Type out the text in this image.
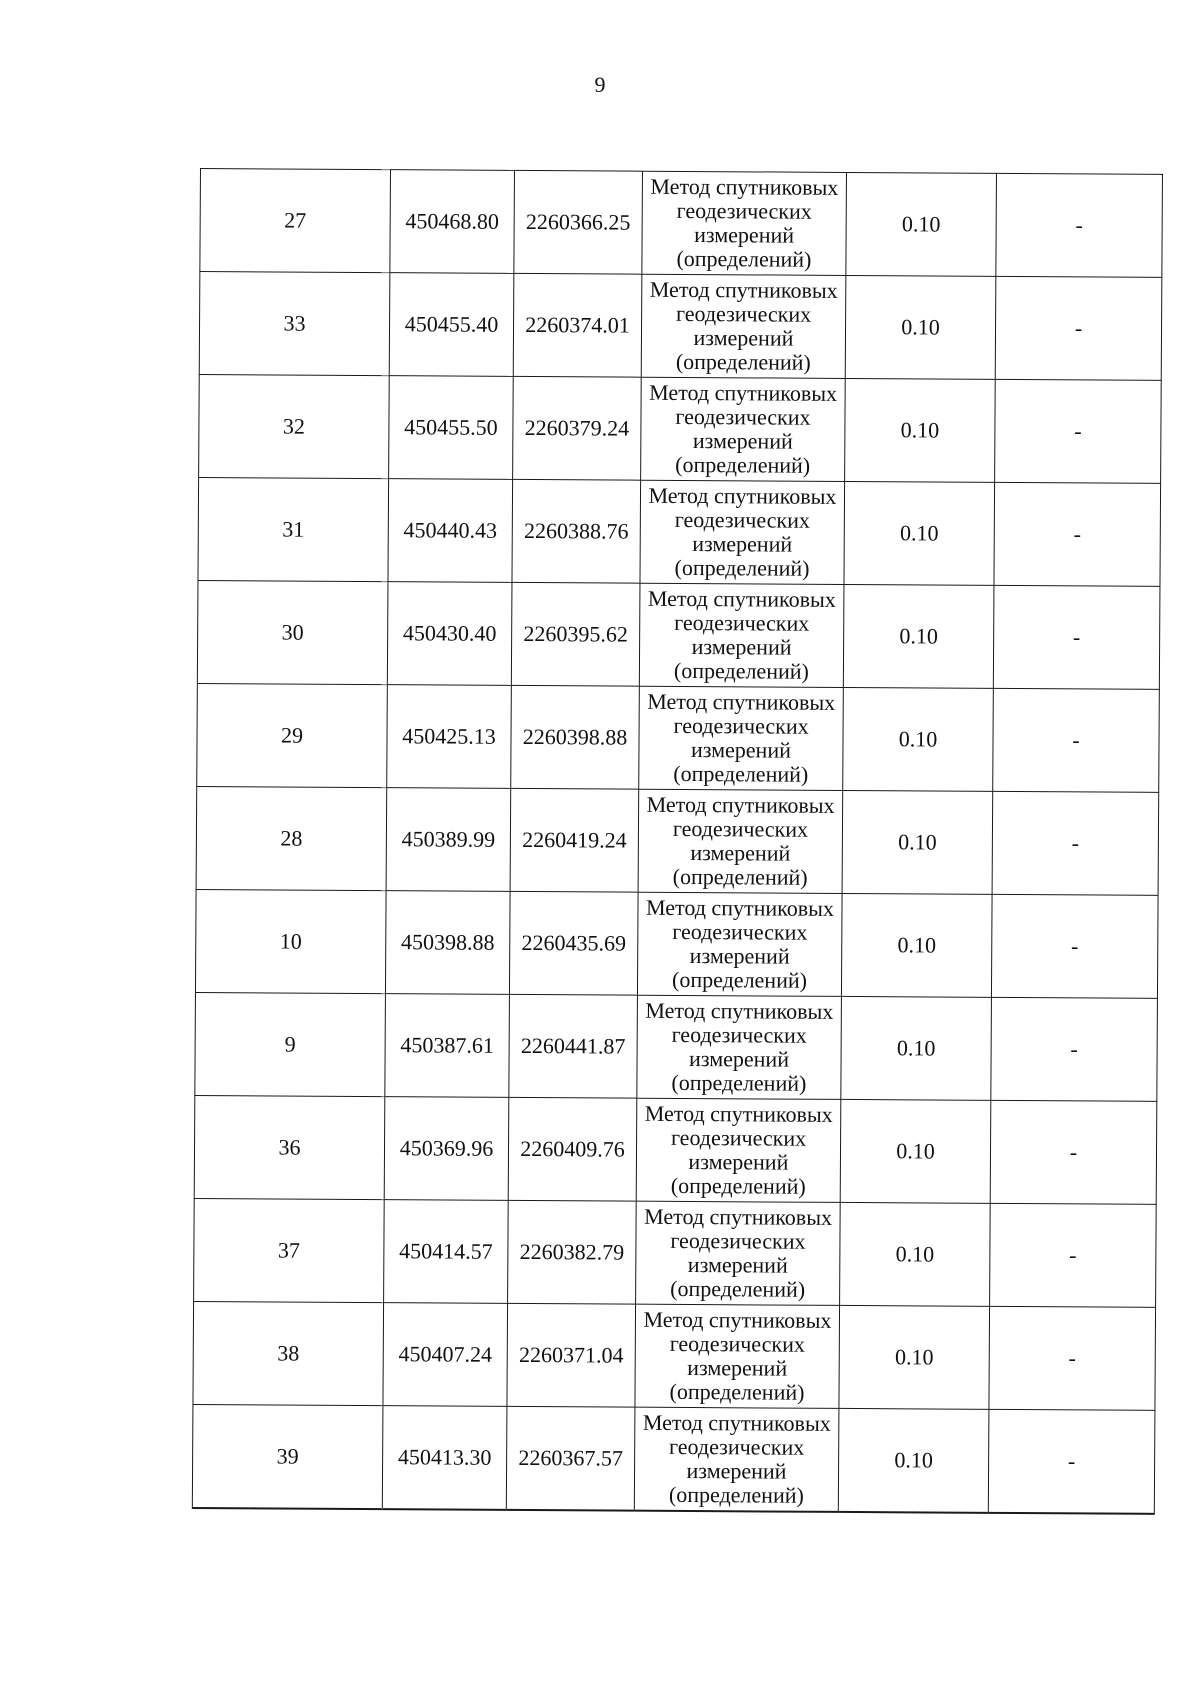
9
27	450468.80	2260366.25	Метод спутниковых
геодезических
измерений
(определений)	0.10	-
33	450455.40	2260374.01	Метод спутниковых
геодезических
измерений
(определений)	0.10	-
32	450455.50	2260379.24	Метод спутниковых
геодезических
измерений
(определений)	0.10	-
31	450440.43	2260388.76	Метод спутниковых
геодезических
измерений
(определений)	0.10	-
30	450430.40	2260395.62	Метод спутниковых
геодезических
измерений
(определений)	0.10	-
29	450425.13	2260398.88	Метод спутниковых
геодезических
измерений
(определений)	0.10	-
28	450389.99	2260419.24	Метод спутниковых
геодезических
измерений
(определений)	0.10	-
10	450398.88	2260435.69	Метод спутниковых
геодезических
измерений
(определений)	0.10	-
9	450387.61	2260441.87	Метод спутниковых
геодезических
измерений
(определений)	0.10	-
36	450369.96	2260409.76	Метод спутниковых
геодезических
измерений
(определений)	0.10	-
37	450414.57	2260382.79	Метод спутниковых
геодезических
измерений
(определений)	0.10	-
38	450407.24	2260371.04	Метод спутниковых
геодезических
измерений
(определений)	0.10	-
39	450413.30	2260367.57	Метод спутниковых
геодезических
измерений
(определений)	0.10	-
